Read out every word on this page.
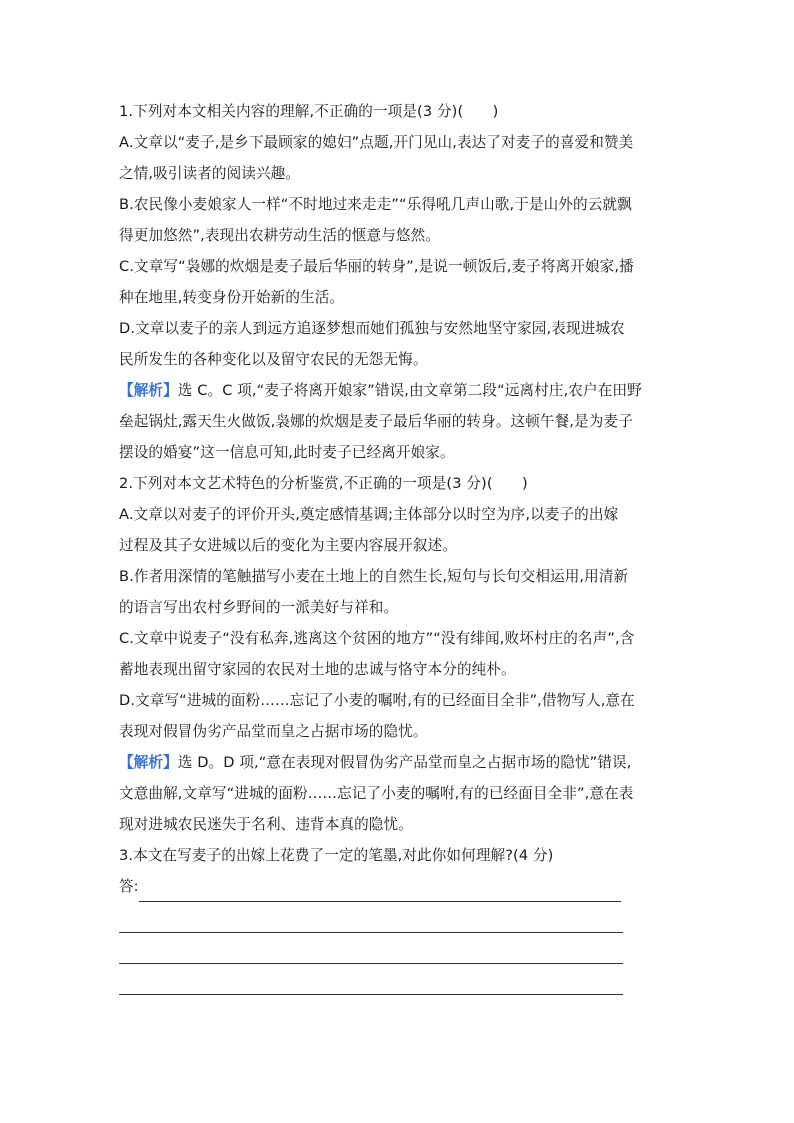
1.下列对本文相关内容的理解,不正确的一项是(3 分)(　　)
A.文章以“麦子,是乡下最顾家的媳妇”点题,开门见山,表达了对麦子的喜爱和赞美
之情,吸引读者的阅读兴趣。
B.农民像小麦娘家人一样“不时地过来走走”“乐得吼几声山歌,于是山外的云就飘
得更加悠然”,表现出农耕劳动生活的惬意与悠然。
C.文章写“袅娜的炊烟是麦子最后华丽的转身”,是说一顿饭后,麦子将离开娘家,播
种在地里,转变身份开始新的生活。
D.文章以麦子的亲人到远方追逐梦想而她们孤独与安然地坚守家园,表现进城农
民所发生的各种变化以及留守农民的无怨无悔。
【解析】选 C。C 项,“麦子将离开娘家”错误,由文章第二段“远离村庄,农户在田野
垒起锅灶,露天生火做饭,袅娜的炊烟是麦子最后华丽的转身。这顿午餐,是为麦子
摆设的婚宴”这一信息可知,此时麦子已经离开娘家。
2.下列对本文艺术特色的分析鉴赏,不正确的一项是(3 分)(　　)
A.文章以对麦子的评价开头,奠定感情基调;主体部分以时空为序,以麦子的出嫁
过程及其子女进城以后的变化为主要内容展开叙述。
B.作者用深情的笔触描写小麦在土地上的自然生长,短句与长句交相运用,用清新
的语言写出农村乡野间的一派美好与祥和。
C.文章中说麦子“没有私奔,逃离这个贫困的地方”“没有绯闻,败坏村庄的名声”,含
蓄地表现出留守家园的农民对土地的忠诚与恪守本分的纯朴。
D.文章写“进城的面粉……忘记了小麦的嘱咐,有的已经面目全非”,借物写人,意在
表现对假冒伪劣产品堂而皇之占据市场的隐忧。
【解析】选 D。D 项,“意在表现对假冒伪劣产品堂而皇之占据市场的隐忧”错误,
文意曲解,文章写“进城的面粉……忘记了小麦的嘱咐,有的已经面目全非”,意在表
现对进城农民迷失于名利、违背本真的隐忧。
3.本文在写麦子的出嫁上花费了一定的笔墨,对此你如何理解?(4 分)
答:
